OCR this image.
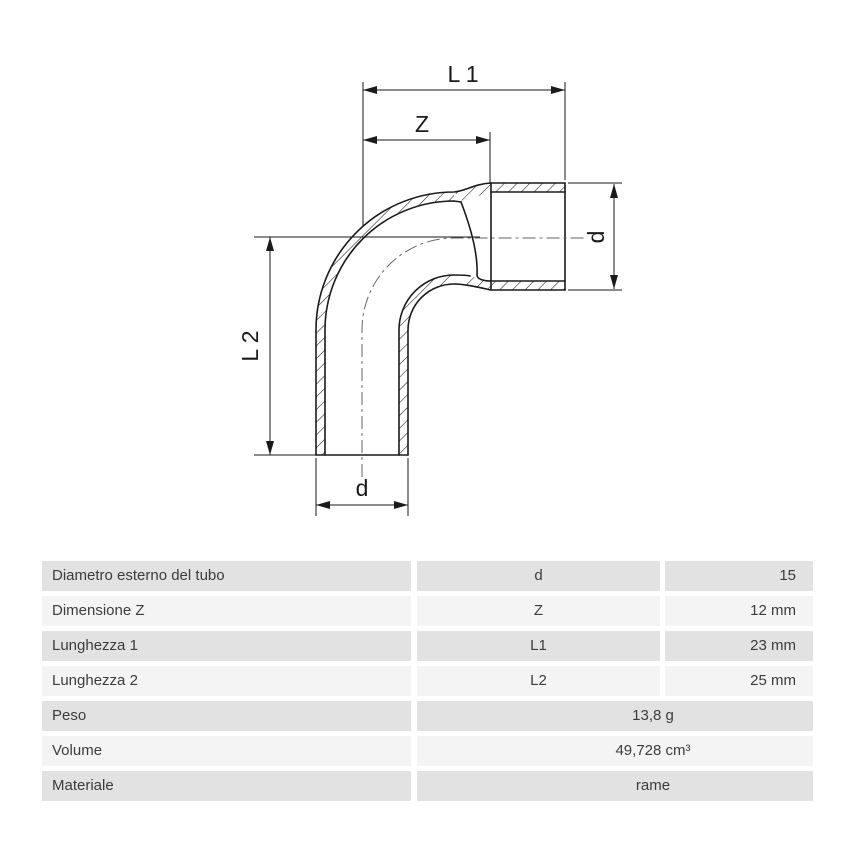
L 1
Z
L 2
d
d
Diametro esterno del tubo	d	15
Dimensione Z	Z	12 mm
Lunghezza 1	L1	23 mm
Lunghezza 2	L2	25 mm
Peso	13,8 g
Volume	49,728 cm³
Materiale	rame
